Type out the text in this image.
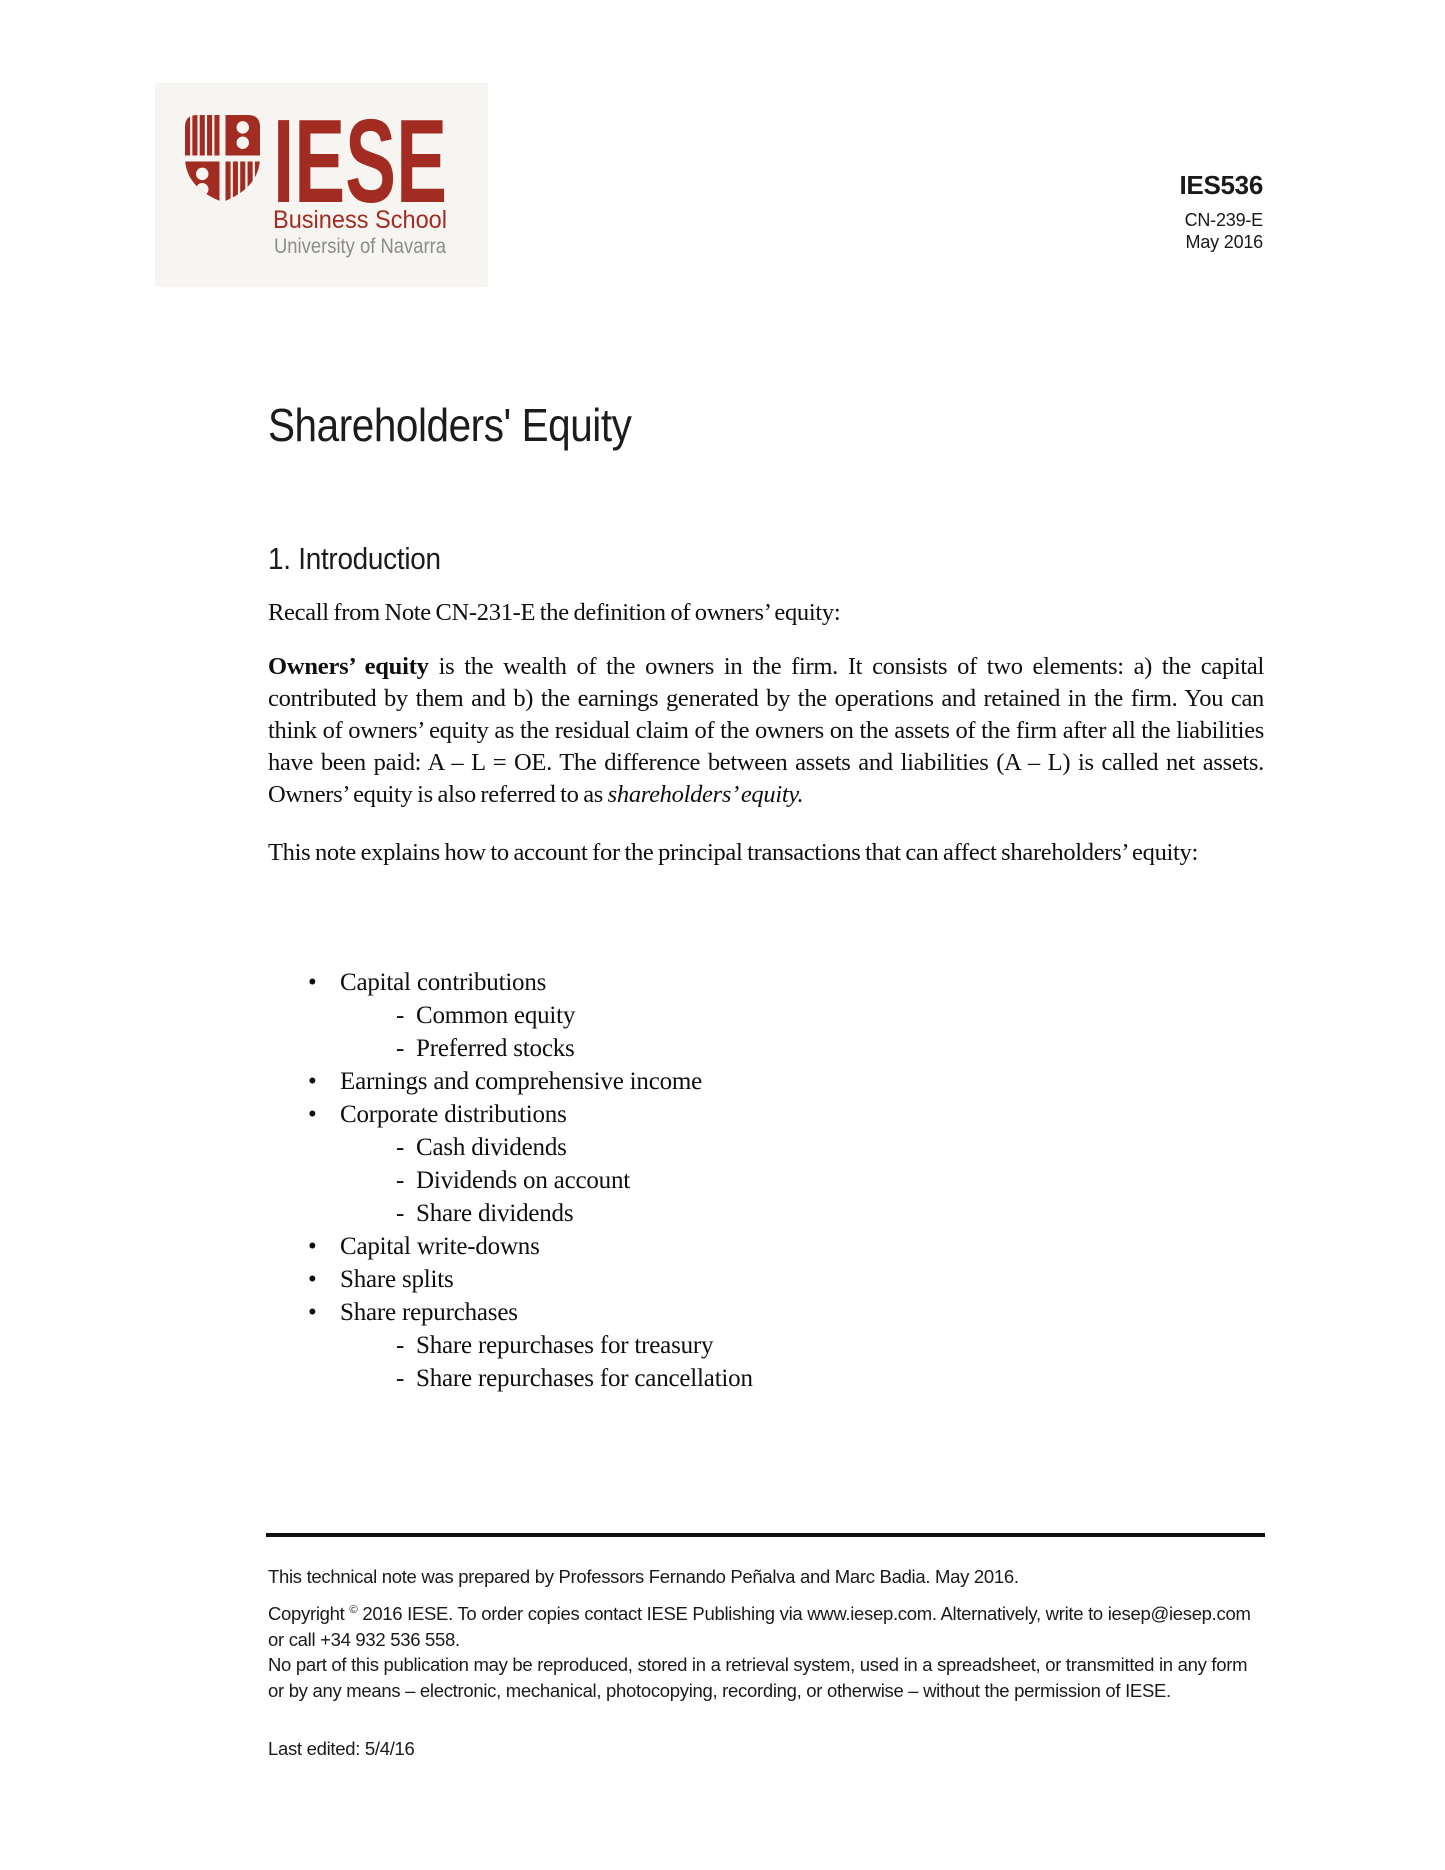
IESE
Business School
University of Navarra
IES536
CN-239-E
May 2016
Shareholders' Equity
1. Introduction

Recall from Note CN-231-E the definition of owners’ equity:

Owners’ equity is the wealth of the owners in the firm. It consists of two elements: a) the capital contributed by them and b) the earnings generated by the operations and retained in the firm. You can think of owners’ equity as the residual claim of the owners on the assets of the firm after all the liabilities have been paid: A – L = OE. The difference between assets and liabilities (A – L) is called net assets. Owners’ equity is also referred to as shareholders’ equity.

This note explains how to account for the principal transactions that can affect shareholders’ equity:

• Capital contributions
- Common equity
- Preferred stocks
• Earnings and comprehensive income
• Corporate distributions
- Cash dividends
- Dividends on account
- Share dividends
• Capital write-downs
• Share splits
• Share repurchases
- Share repurchases for treasury
- Share repurchases for cancellation
This technical note was prepared by Professors Fernando Peñalva and Marc Badia. May 2016.

Copyright © 2016 IESE. To order copies contact IESE Publishing via www.iesep.com. Alternatively, write to iesep@iesep.com or call +34 932 536 558.

No part of this publication may be reproduced, stored in a retrieval system, used in a spreadsheet, or transmitted in any form or by any means – electronic, mechanical, photocopying, recording, or otherwise – without the permission of IESE.

Last edited: 5/4/16
